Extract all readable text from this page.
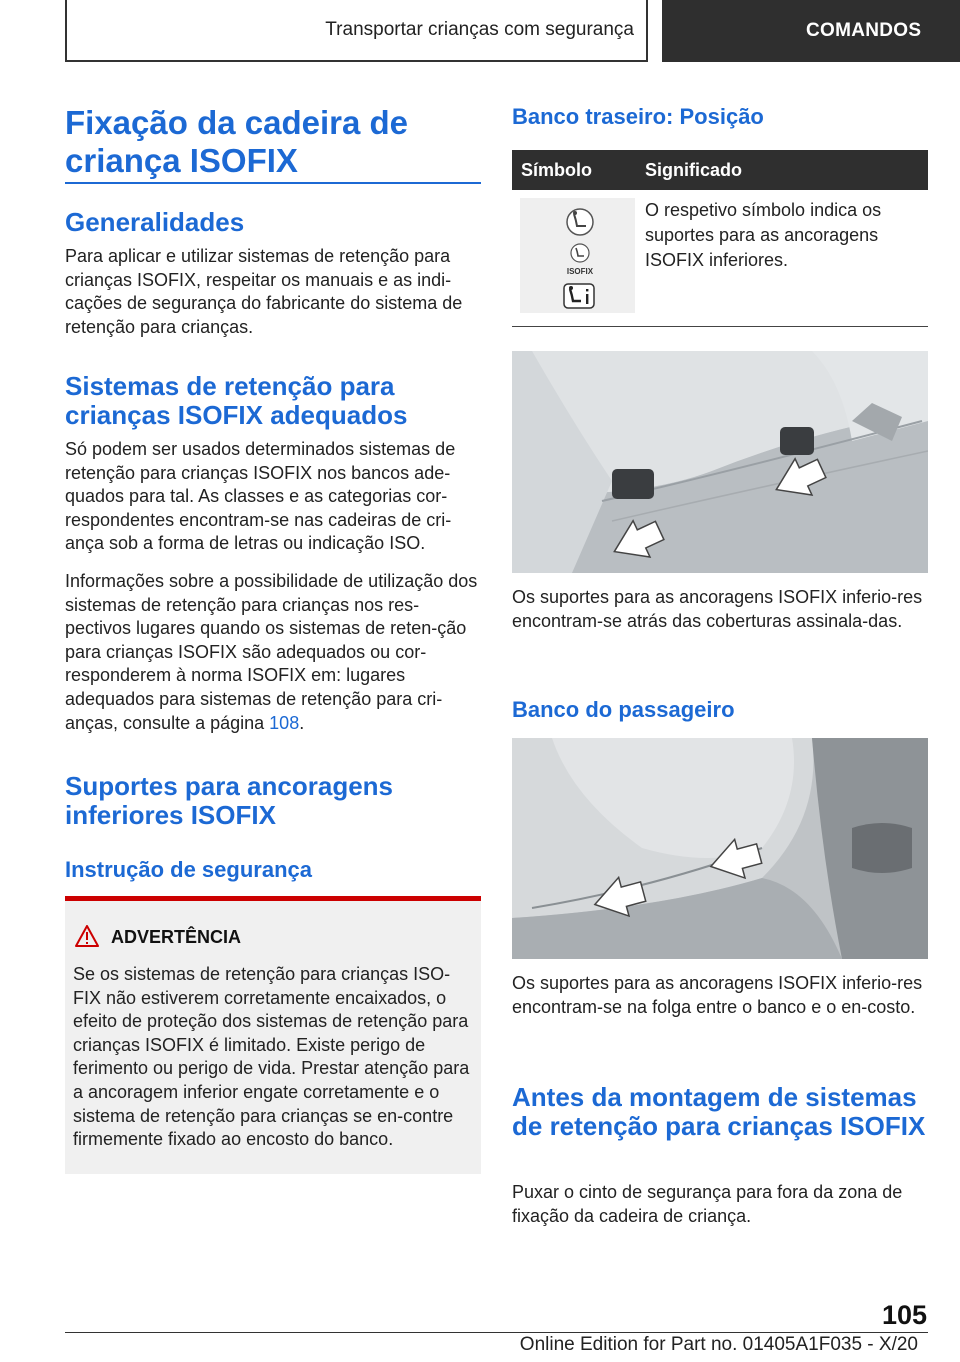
Transportar crianças com segurança	COMANDOS
Fixação da cadeira de criança ISOFIX
Generalidades

Para aplicar e utilizar sistemas de retenção para crianças ISOFIX, respeitar os manuais e as indi-cações de segurança do fabricante do sistema de retenção para crianças.

Sistemas de retenção para crianças ISOFIX adequados

Só podem ser usados determinados sistemas de retenção para crianças ISOFIX nos bancos ade-quados para tal. As classes e as categorias cor-respondentes encontram-se nas cadeiras de cri-ança sob a forma de letras ou indicação ISO.

Informações sobre a possibilidade de utilização dos sistemas de retenção para crianças nos res-pectivos lugares quando os sistemas de reten-ção para crianças ISOFIX são adequados ou cor-responderem à norma ISOFIX em: lugares adequados para sistemas de retenção para cri-anças, consulte a página 108.

Suportes para ancoragens inferiores ISOFIX
Instrução de segurança
ADVERTÊNCIA
Se os sistemas de retenção para crianças ISO-FIX não estiverem corretamente encaixados, o efeito de proteção dos sistemas de retenção para crianças ISOFIX é limitado. Existe perigo de ferimento ou perigo de vida. Prestar atenção para a ancoragem inferior engate corretamente e o sistema de retenção para crianças se en-contre firmemente fixado ao encosto do banco.
Banco traseiro: Posição
Símbolo	Significado
ISOFIX
O respetivo símbolo indica os suportes para as ancoragens ISOFIX inferiores.

Os suportes para as ancoragens ISOFIX inferio-res encontram-se atrás das coberturas assinala-das.

Banco do passageiro

Os suportes para as ancoragens ISOFIX inferio-res encontram-se na folga entre o banco e o en-costo.

Antes da montagem de sistemas de retenção para crianças ISOFIX

Puxar o cinto de segurança para fora da zona de fixação da cadeira de criança.

105
Online Edition for Part no. 01405A1F035 - X/20
